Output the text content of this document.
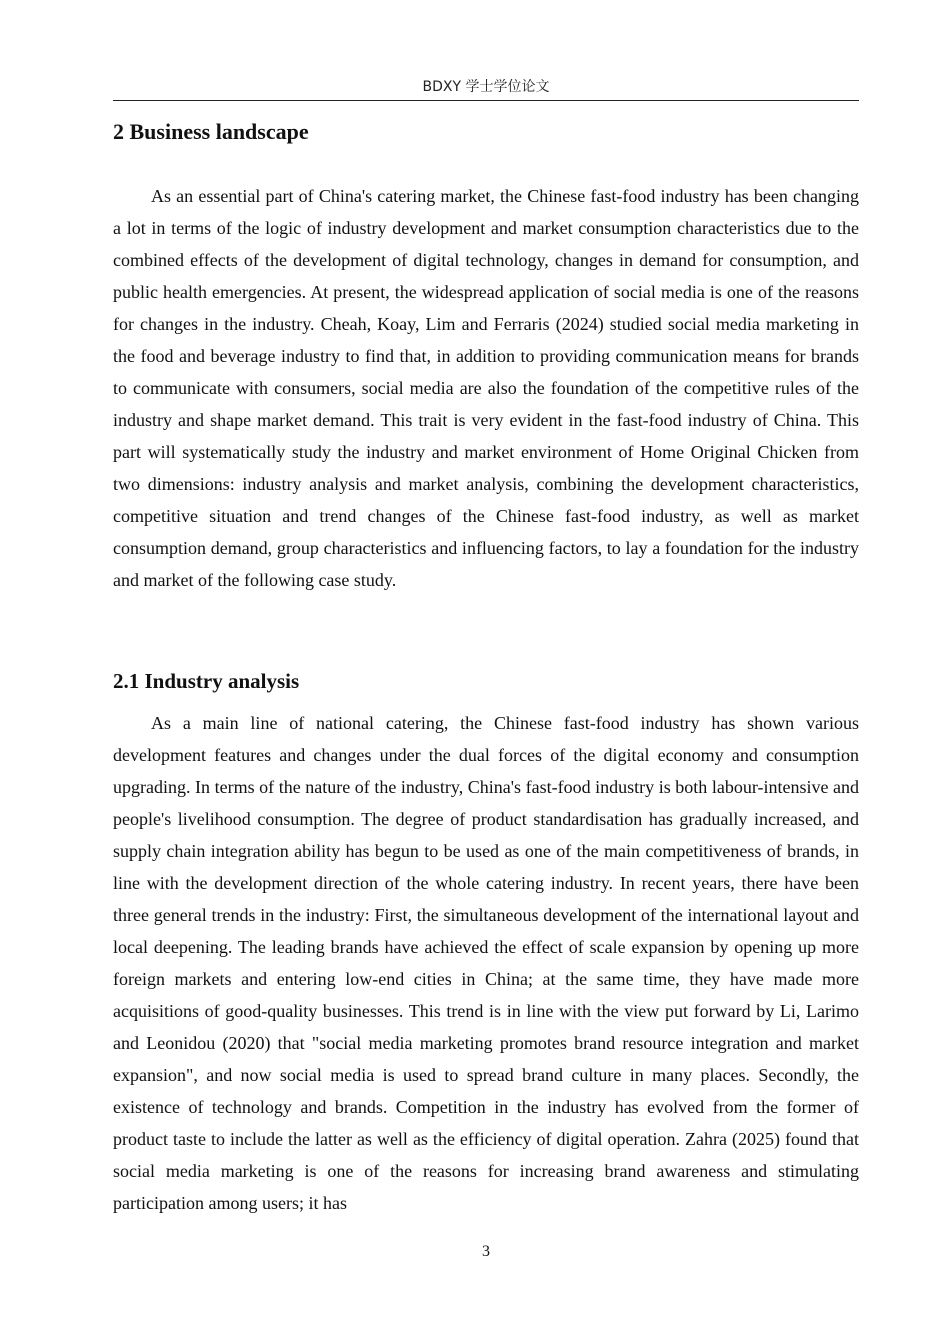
BDXY 学士学位论文
2 Business landscape

As an essential part of China's catering market, the Chinese fast-food industry has been changing a lot in terms of the logic of industry development and market consumption characteristics due to the combined effects of the development of digital technology, changes in demand for consumption, and public health emergencies. At present, the widespread application of social media is one of the reasons for changes in the industry. Cheah, Koay, Lim and Ferraris (2024) studied social media marketing in the food and beverage industry to find that, in addition to providing communication means for brands to communicate with consumers, social media are also the foundation of the competitive rules of the industry and shape market demand. This trait is very evident in the fast-food industry of China. This part will systematically study the industry and market environment of Home Original Chicken from two dimensions: industry analysis and market analysis, combining the development characteristics, competitive situation and trend changes of the Chinese fast-food industry, as well as market consumption demand, group characteristics and influencing factors, to lay a foundation for the industry and market of the following case study.

2.1 Industry analysis

As a main line of national catering, the Chinese fast-food industry has shown various development features and changes under the dual forces of the digital economy and consumption upgrading. In terms of the nature of the industry, China's fast-food industry is both labour-intensive and people's livelihood consumption. The degree of product standardisation has gradually increased, and supply chain integration ability has begun to be used as one of the main competitiveness of brands, in line with the development direction of the whole catering industry. In recent years, there have been three general trends in the industry: First, the simultaneous development of the international layout and local deepening. The leading brands have achieved the effect of scale expansion by opening up more foreign markets and entering low-end cities in China; at the same time, they have made more acquisitions of good-quality businesses. This trend is in line with the view put forward by Li, Larimo and Leonidou (2020) that "social media marketing promotes brand resource integration and market expansion", and now social media is used to spread brand culture in many places. Secondly, the existence of technology and brands. Competition in the industry has evolved from the former of product taste to include the latter as well as the efficiency of digital operation. Zahra (2025) found that social media marketing is one of the reasons for increasing brand awareness and stimulating participation among users; it has

3
